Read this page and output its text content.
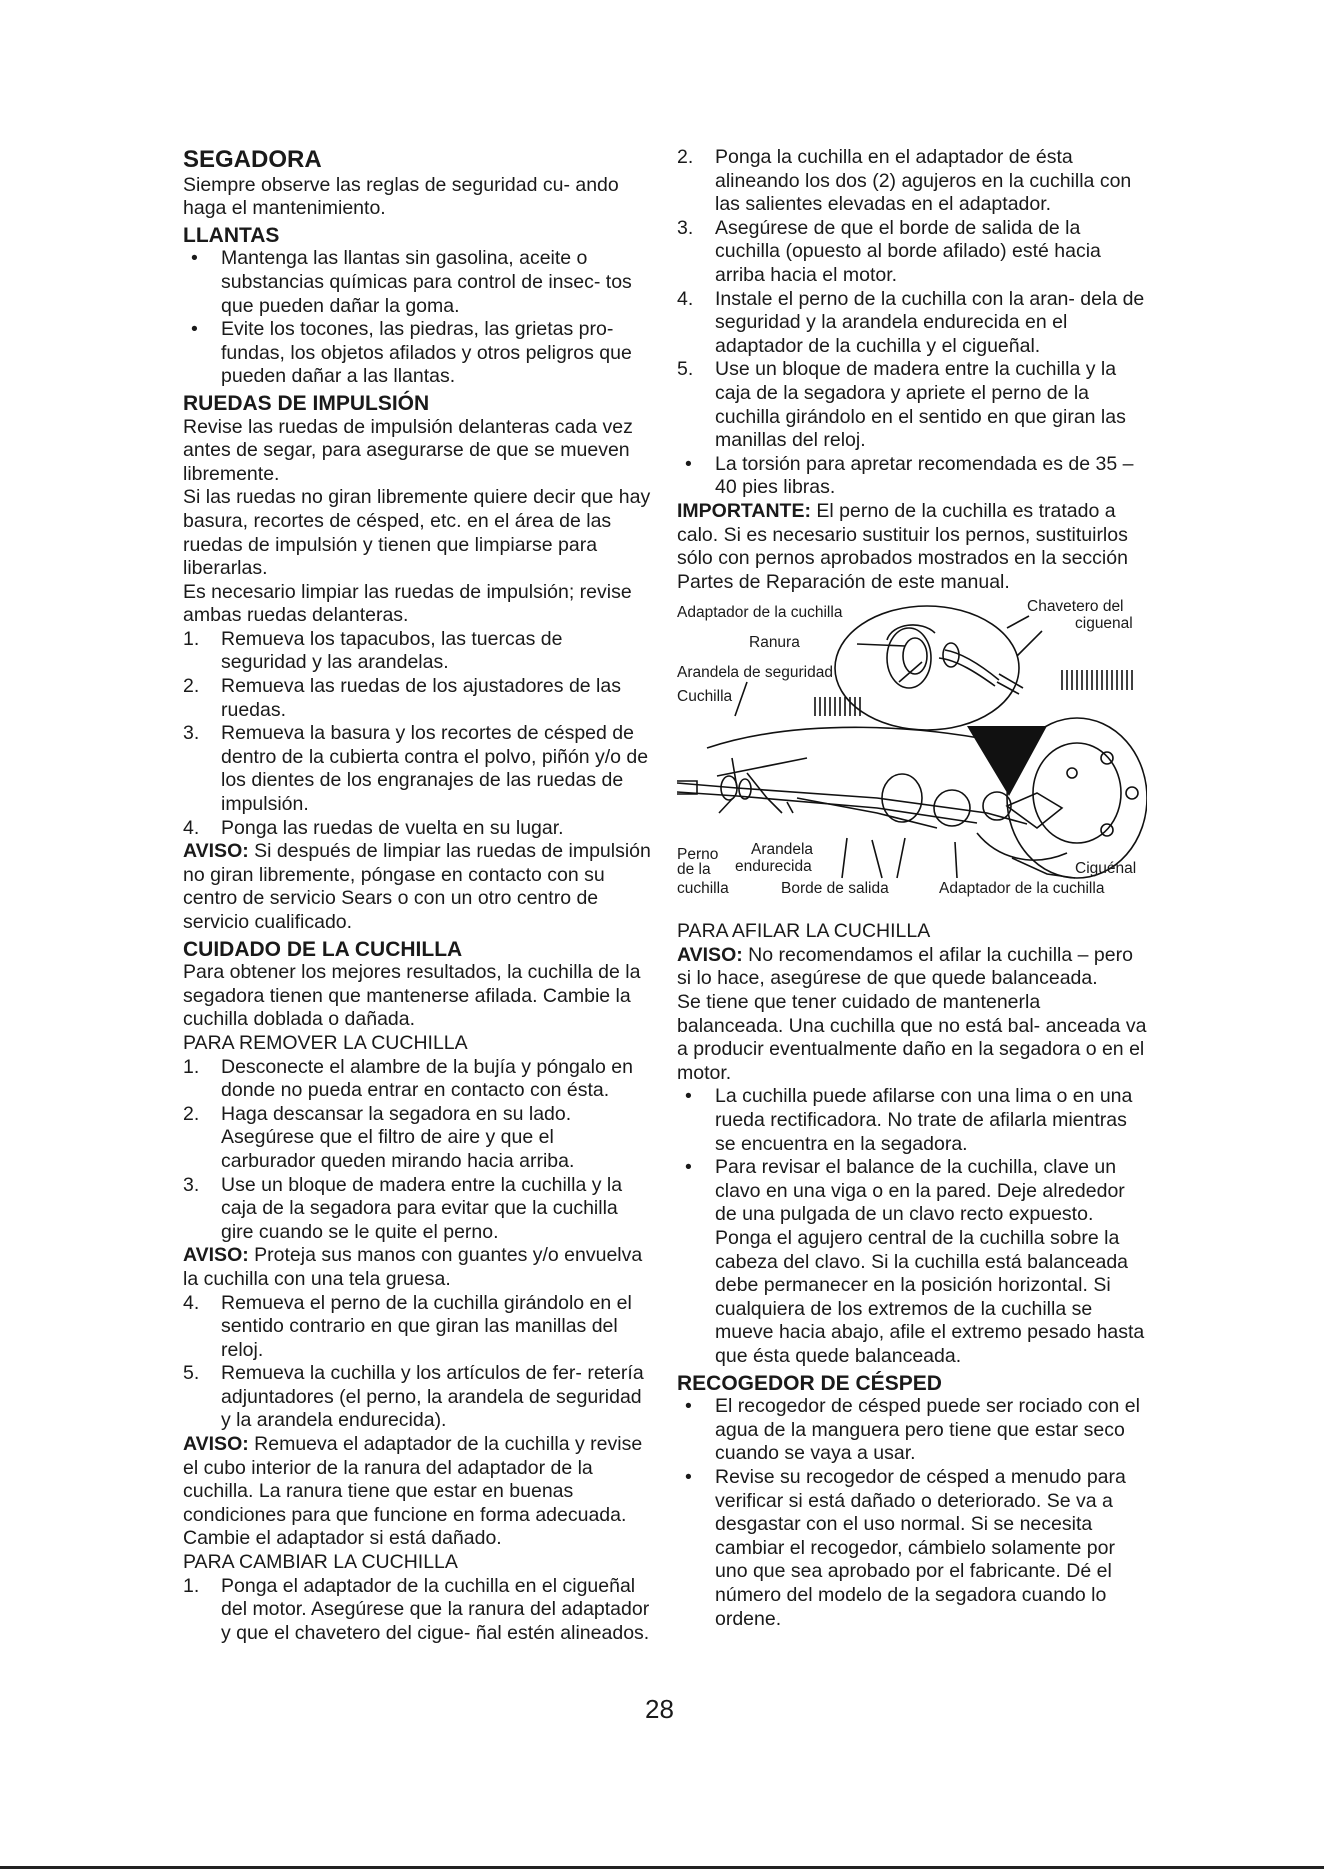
SEGADORA

Siempre observe las reglas de seguridad cu- ando haga el mantenimiento.

LLANTAS
•	Mantenga las llantas sin gasolina, aceite o substancias químicas para control de insec- tos que pueden dañar la goma.
•	Evite los tocones, las piedras, las grietas pro- fundas, los objetos afilados y otros peligros que pueden dañar a las llantas.
RUEDAS DE IMPULSIÓN

Revise las ruedas de impulsión delanteras cada vez antes de segar, para asegurarse de que se mueven libremente.

Si las ruedas no giran libremente quiere decir que hay basura, recortes de césped, etc. en el área de las ruedas de impulsión y tienen que limpiarse para liberarlas.

Es necesario limpiar las ruedas de impulsión; revise ambas ruedas delanteras.

1.	Remueva los tapacubos, las tuercas de seguridad y las arandelas.
2.	Remueva las ruedas de los ajustadores de las ruedas.
3.	Remueva la basura y los recortes de césped de dentro de la cubierta contra el polvo, piñón y/o de los dientes de los engranajes de las ruedas de impulsión.
4.	Ponga las ruedas de vuelta en su lugar.

AVISO: Si después de limpiar las ruedas de impulsión no giran libremente, póngase en contacto con su centro de servicio Sears o con un otro centro de servicio cualificado.

CUIDADO DE LA CUCHILLA

Para obtener los mejores resultados, la cuchilla de la segadora tienen que mantenerse afilada. Cambie la cuchilla doblada o dañada.

PARA REMOVER LA CUCHILLA
1.	Desconecte el alambre de la bujía y póngalo en donde no pueda entrar en contacto con ésta.
2.	Haga descansar la segadora en su lado. Asegúrese que el filtro de aire y que el carburador queden mirando hacia arriba.
3.	Use un bloque de madera entre la cuchilla y la caja de la segadora para evitar que la cuchilla gire cuando se le quite el perno.

AVISO: Proteja sus manos con guantes y/o envuelva la cuchilla con una tela gruesa.

4.	Remueva el perno de la cuchilla girándolo en el sentido contrario en que giran las manillas del reloj.
5.	Remueva la cuchilla y los artículos de fer- retería adjuntadores (el perno, la arandela de seguridad y la arandela endurecida).

AVISO: Remueva el adaptador de la cuchilla y revise el cubo interior de la ranura del adaptador de la cuchilla. La ranura tiene que estar en buenas condiciones para que funcione en forma adecuada. Cambie el adaptador si está dañado.

PARA CAMBIAR LA CUCHILLA
1.	Ponga el adaptador de la cuchilla en el cigueñal del motor. Asegúrese que la ranura del adaptador y que el chavetero del cigue- ñal estén alineados.
2.	Ponga la cuchilla en el adaptador de ésta alineando los dos (2) agujeros en la cuchilla con las salientes elevadas en el adaptador.
3.	Asegúrese de que el borde de salida de la cuchilla (opuesto al borde afilado) esté hacia arriba hacia el motor.
4.	Instale el perno de la cuchilla con la aran- dela de seguridad y la arandela endurecida en el adaptador de la cuchilla y el cigueñal.
5.	Use un bloque de madera entre la cuchilla y la caja de la segadora y apriete el perno de la cuchilla girándolo en el sentido en que giran las manillas del reloj.
•	La torsión para apretar recomendada es de 35 – 40 pies libras.

IMPORTANTE: El perno de la cuchilla es tratado a calo. Si es necesario sustituir los pernos, sustituirlos sólo con pernos aprobados mostrados en la sección Partes de Reparación de este manual.

Adaptador de la cuchilla	Chavetero del
ciguenal
Ranura
Arandela de seguridad
Cuchilla
Perno
de la
cuchilla
Arandela
endurecida	Ciguénal
Borde de salida	Adaptador de la cuchilla
PARA AFILAR LA CUCHILLA

AVISO: No recomendamos el afilar la cuchilla – pero si lo hace, asegúrese de que quede balanceada.

Se tiene que tener cuidado de mantenerla balanceada. Una cuchilla que no está bal- anceada va a producir eventualmente daño en la segadora o en el motor.

•	La cuchilla puede afilarse con una lima o en una rueda rectificadora. No trate de afilarla mientras se encuentra en la segadora.
•	Para revisar el balance de la cuchilla, clave un clavo en una viga o en la pared. Deje alrededor de una pulgada de un clavo recto expuesto. Ponga el agujero central de la cuchilla sobre la cabeza del clavo. Si la cuchilla está balanceada debe permanecer en la posición horizontal. Si cualquiera de los extremos de la cuchilla se mueve hacia abajo, afile el extremo pesado hasta que ésta quede balanceada.
RECOGEDOR DE CÉSPED
•	El recogedor de césped puede ser rociado con el agua de la manguera pero tiene que estar seco cuando se vaya a usar.
•	Revise su recogedor de césped a menudo para verificar si está dañado o deteriorado. Se va a desgastar con el uso normal. Si se necesita cambiar el recogedor, cámbielo solamente por uno que sea aprobado por el fabricante. Dé el número del modelo de la segadora cuando lo ordene.
28
